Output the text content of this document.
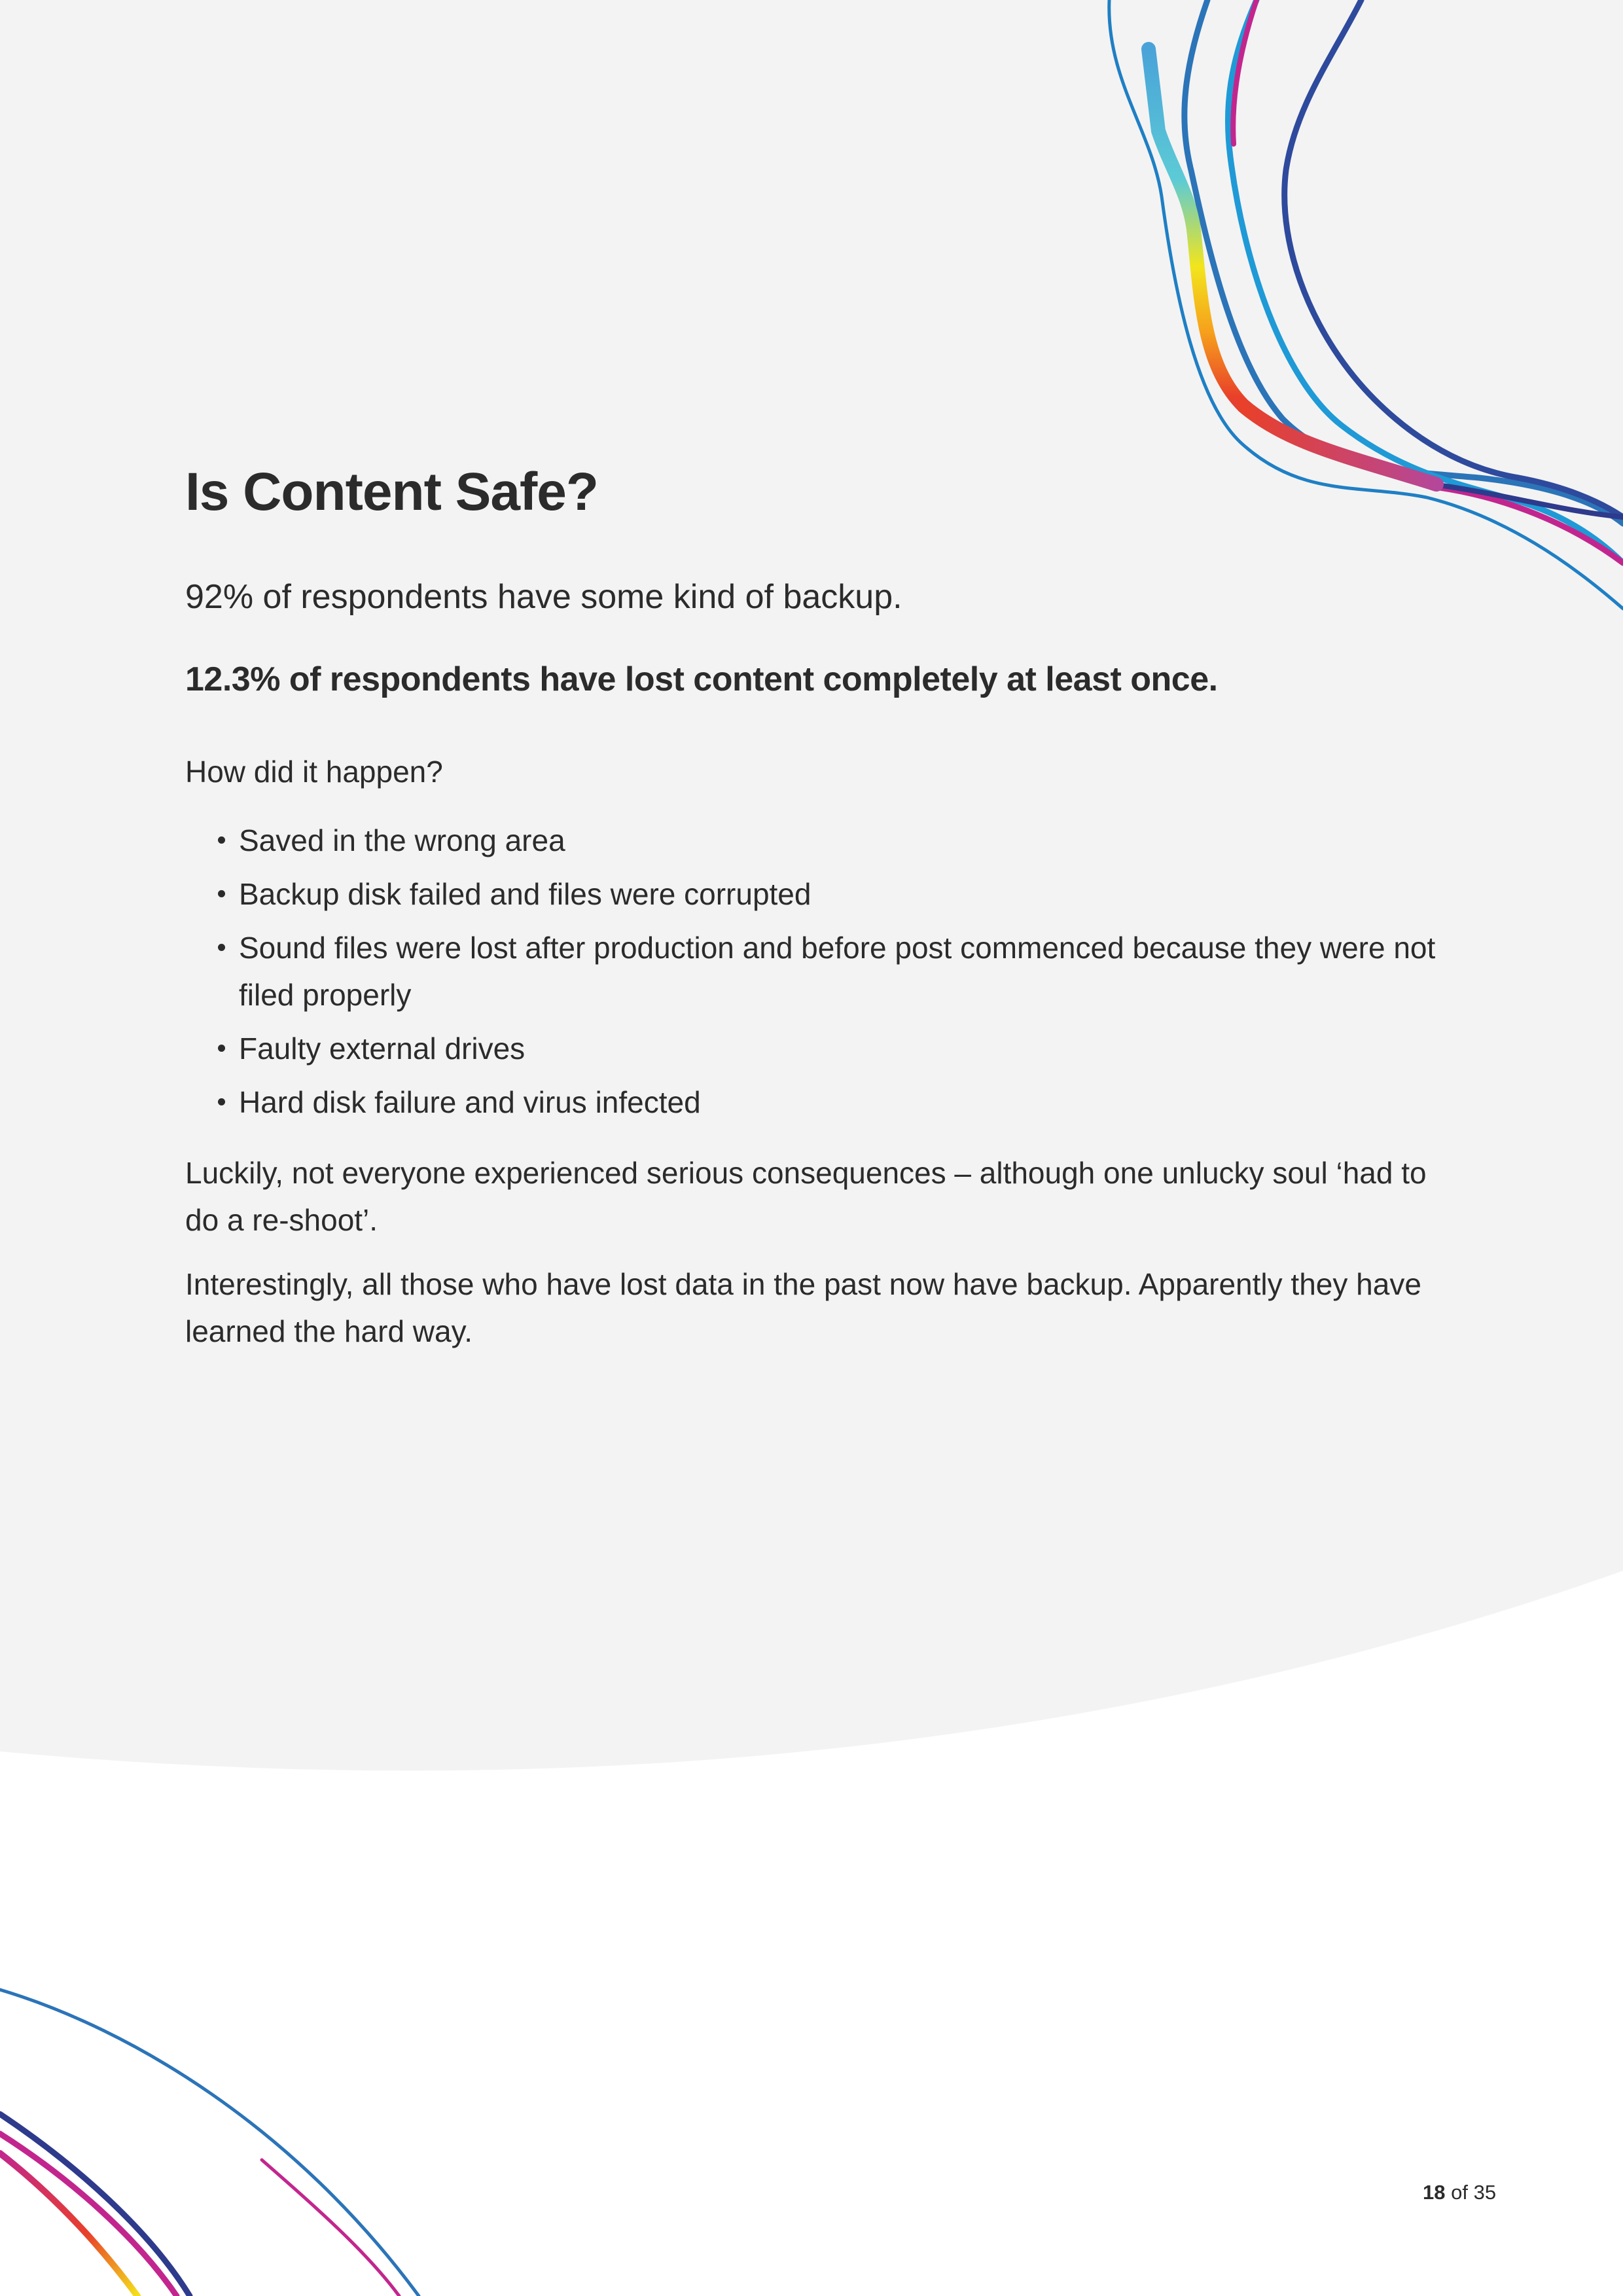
Is Content Safe?

92% of respondents have some kind of backup.

12.3% of respondents have lost content completely at least once.

How did it happen?

Saved in the wrong area
Backup disk failed and files were corrupted
Sound files were lost after production and before post commenced because they were not filed properly
Faulty external drives
Hard disk failure and virus infected

Luckily, not everyone experienced serious consequences – although one unlucky soul ‘had to do a re-shoot’.

Interestingly, all those who have lost data in the past now have backup. Apparently they have learned the hard way.

18 of 35
